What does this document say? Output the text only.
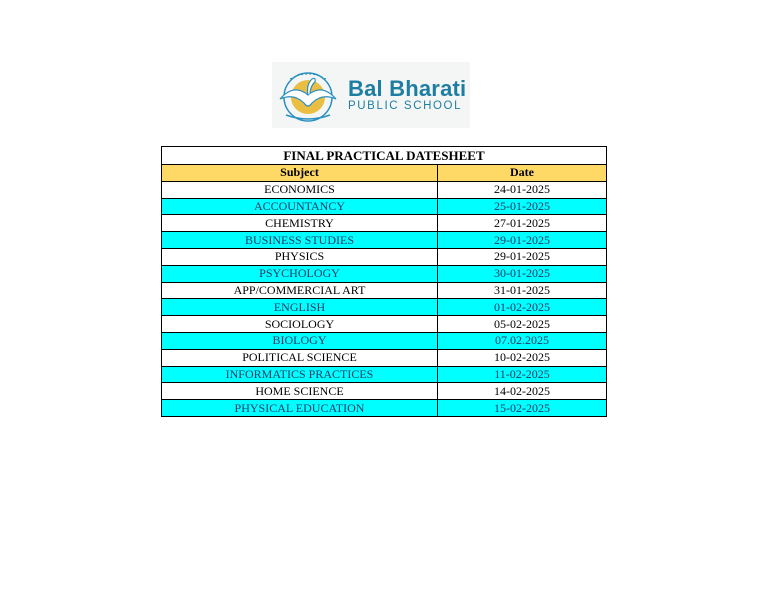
Bal Bharati
PUBLIC SCHOOL
FINAL PRACTICAL DATESHEET	
Subject	Date
ECONOMICS	24-01-2025
ACCOUNTANCY	25-01-2025
CHEMISTRY	27-01-2025
BUSINESS STUDIES	29-01-2025
PHYSICS	29-01-2025
PSYCHOLOGY	30-01-2025
APP/COMMERCIAL ART	31-01-2025
ENGLISH	01-02-2025
SOCIOLOGY	05-02-2025
BIOLOGY	07.02.2025
POLITICAL SCIENCE	10-02-2025
INFORMATICS PRACTICES	11-02-2025
HOME SCIENCE	14-02-2025
PHYSICAL EDUCATION	15-02-2025
